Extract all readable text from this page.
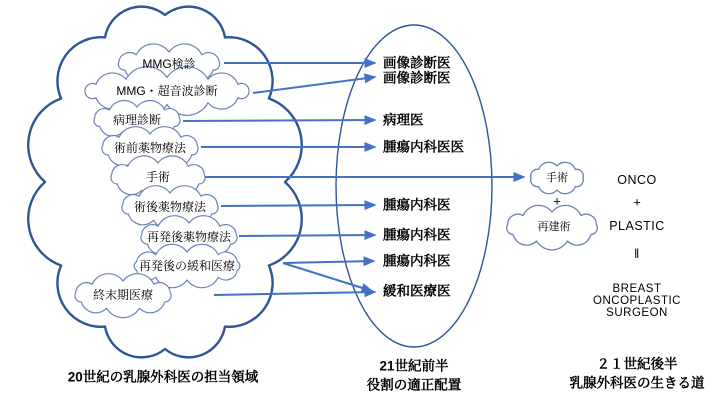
MMG検診
MMG・超音波診断
病理診断
術前薬物療法
手術
術後薬物療法
再発後薬物療法
再発後の緩和医療
終末期医療
画像診断医
画像診断医
病理医
腫瘍内科医医
腫瘍内科医
腫瘍内科医
腫瘍内科医
緩和医療医
手術
+
再建術
ONCO
+
PLASTIC
‖
BREAST
ONCOPLASTIC
SURGEON
20世紀の乳腺外科医の担当領域
21世紀前半
役割の適正配置
２１世紀後半
乳腺外科医の生きる道
